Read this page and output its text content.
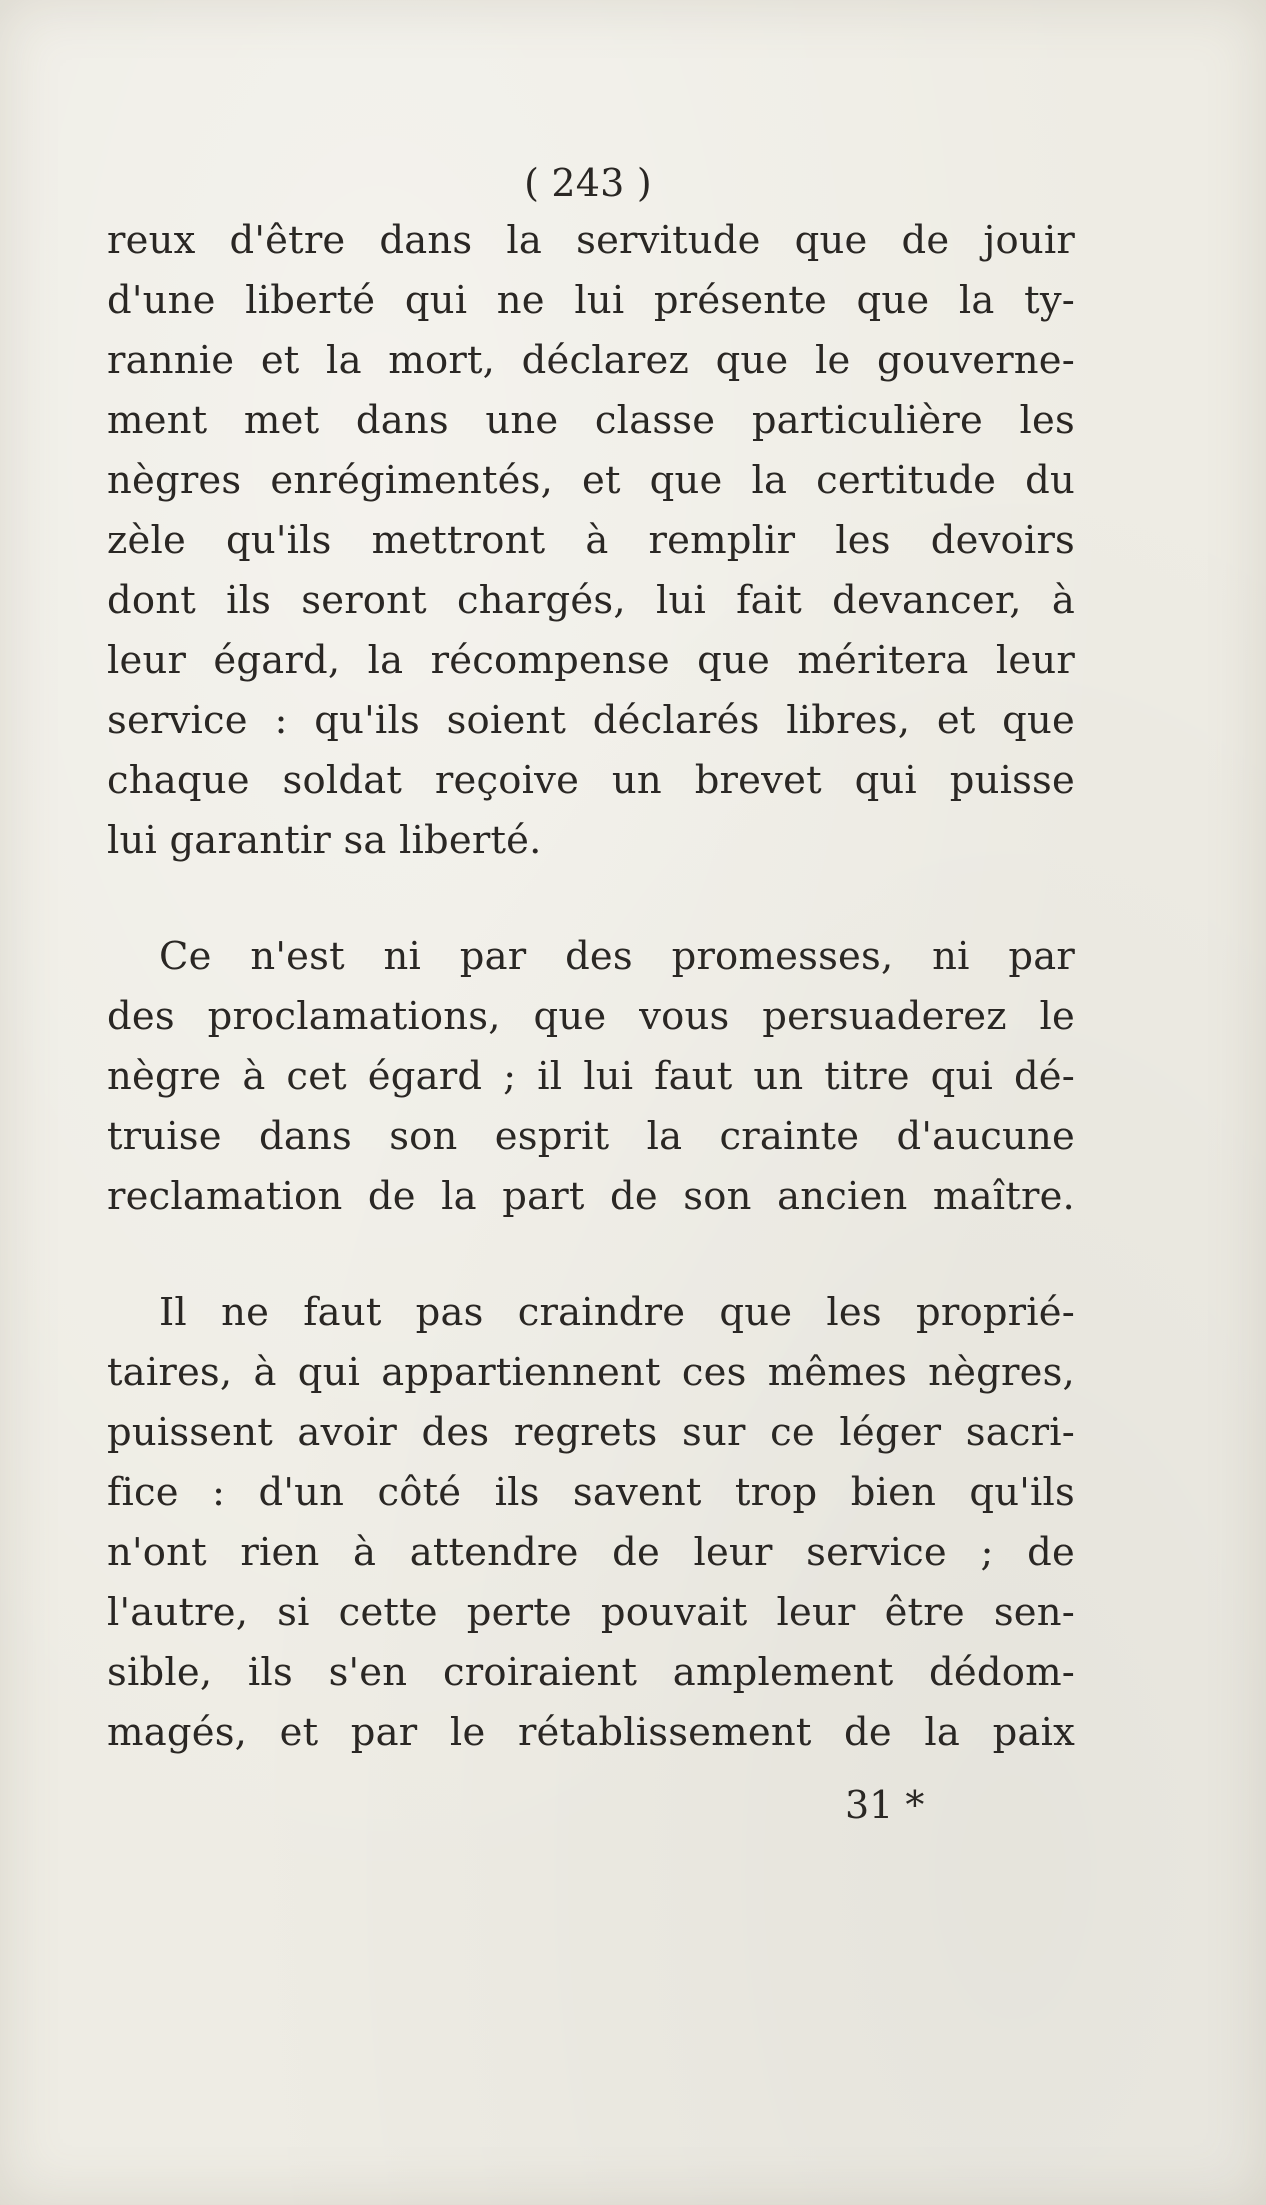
( 243 )
reux d'être dans la servitude que de jouir
d'une liberté qui ne lui présente que la ty-
rannie et la mort, déclarez que le gouverne-
ment met dans une classe particulière les
nègres enrégimentés, et que la certitude du
zèle qu'ils mettront à remplir les devoirs
dont ils seront chargés, lui fait devancer, à
leur égard, la récompense que méritera leur
service : qu'ils soient déclarés libres, et que
chaque soldat reçoive un brevet qui puisse
lui garantir sa liberté.
Ce n'est ni par des promesses, ni par
des proclamations, que vous persuaderez le
nègre à cet égard ; il lui faut un titre qui dé-
truise dans son esprit la crainte d'aucune
reclamation de la part de son ancien maître.
Il ne faut pas craindre que les proprié-
taires, à qui appartiennent ces mêmes nègres,
puissent avoir des regrets sur ce léger sacri-
fice : d'un côté ils savent trop bien qu'ils
n'ont rien à attendre de leur service ; de
l'autre, si cette perte pouvait leur être sen-
sible, ils s'en croiraient amplement dédom-
magés, et par le rétablissement de la paix
31 *
